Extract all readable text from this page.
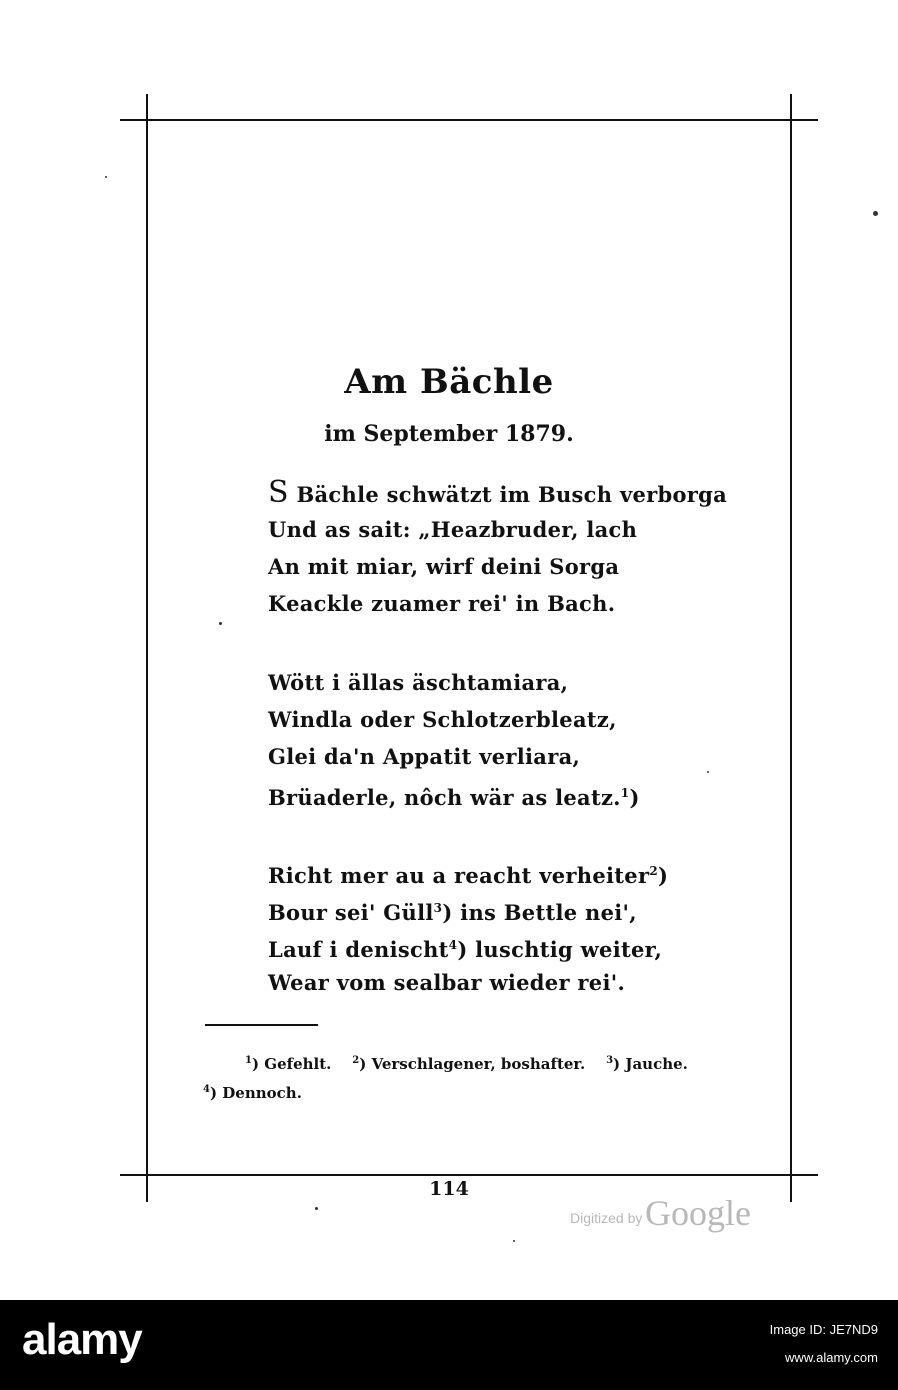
Am Bächle
im September 1879.
S Bächle schwätzt im Busch verborga
Und as sait: „Heazbruder, lach
An mit miar, wirf deini Sorga
Keackle zuamer rei' in Bach.
Wött i ällas äschtamiara,
Windla oder Schlotzerbleatz,
Glei da'n Appatit verliara,
Brüaderle, nôch wär as leatz.$^1$)
Richt mer au a reacht verheiter$^2$)
Bour sei' Güll$^3$) ins Bettle nei',
Lauf i denischt$^4$) luschtig weiter,
Wear vom sealbar wieder rei'.
$^1$) Gefehlt. $^2$) Verschlagener, boshafter. $^3$) Jauche.
$^4$) Dennoch.
114
Digitized by Google
alamy	Image ID: JE7ND9
www.alamy.com
